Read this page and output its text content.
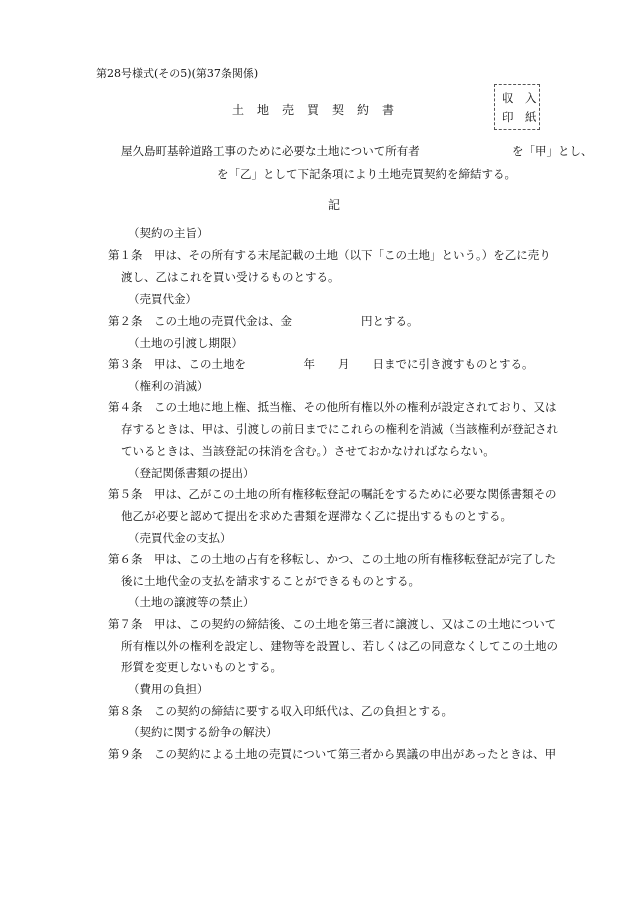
第28号様式(その5)(第37条関係)
土　地　売　買　契　約　書
収　入
印　紙
屋久島町基幹道路工事のために必要な土地について所有者	を「甲」とし、
を「乙」として下記条項により土地売買契約を締結する。
記
（契約の主旨）
第１条　甲は、その所有する末尾記載の土地（以下「この土地」という。）を乙に売り
渡し、乙はこれを買い受けるものとする。
（売買代金）
第２条　この土地の売買代金は、金　　　　　　円とする。
（土地の引渡し期限）
第３条　甲は、この土地を　　　　　年　　月　　日までに引き渡すものとする。
（権利の消滅）
第４条　この土地に地上権、抵当権、その他所有権以外の権利が設定されており、又は
存するときは、甲は、引渡しの前日までにこれらの権利を消滅（当該権利が登記され
ているときは、当該登記の抹消を含む。）させておかなければならない。
（登記関係書類の提出）
第５条　甲は、乙がこの土地の所有権移転登記の嘱託をするために必要な関係書類その
他乙が必要と認めて提出を求めた書類を遅滞なく乙に提出するものとする。
（売買代金の支払）
第６条　甲は、この土地の占有を移転し、かつ、この土地の所有権移転登記が完了した
後に土地代金の支払を請求することができるものとする。
（土地の譲渡等の禁止）
第７条　甲は、この契約の締結後、この土地を第三者に譲渡し、又はこの土地について
所有権以外の権利を設定し、建物等を設置し、若しくは乙の同意なくしてこの土地の
形質を変更しないものとする。
（費用の負担）
第８条　この契約の締結に要する収入印紙代は、乙の負担とする。
（契約に関する紛争の解決）
第９条　この契約による土地の売買について第三者から異議の申出があったときは、甲
